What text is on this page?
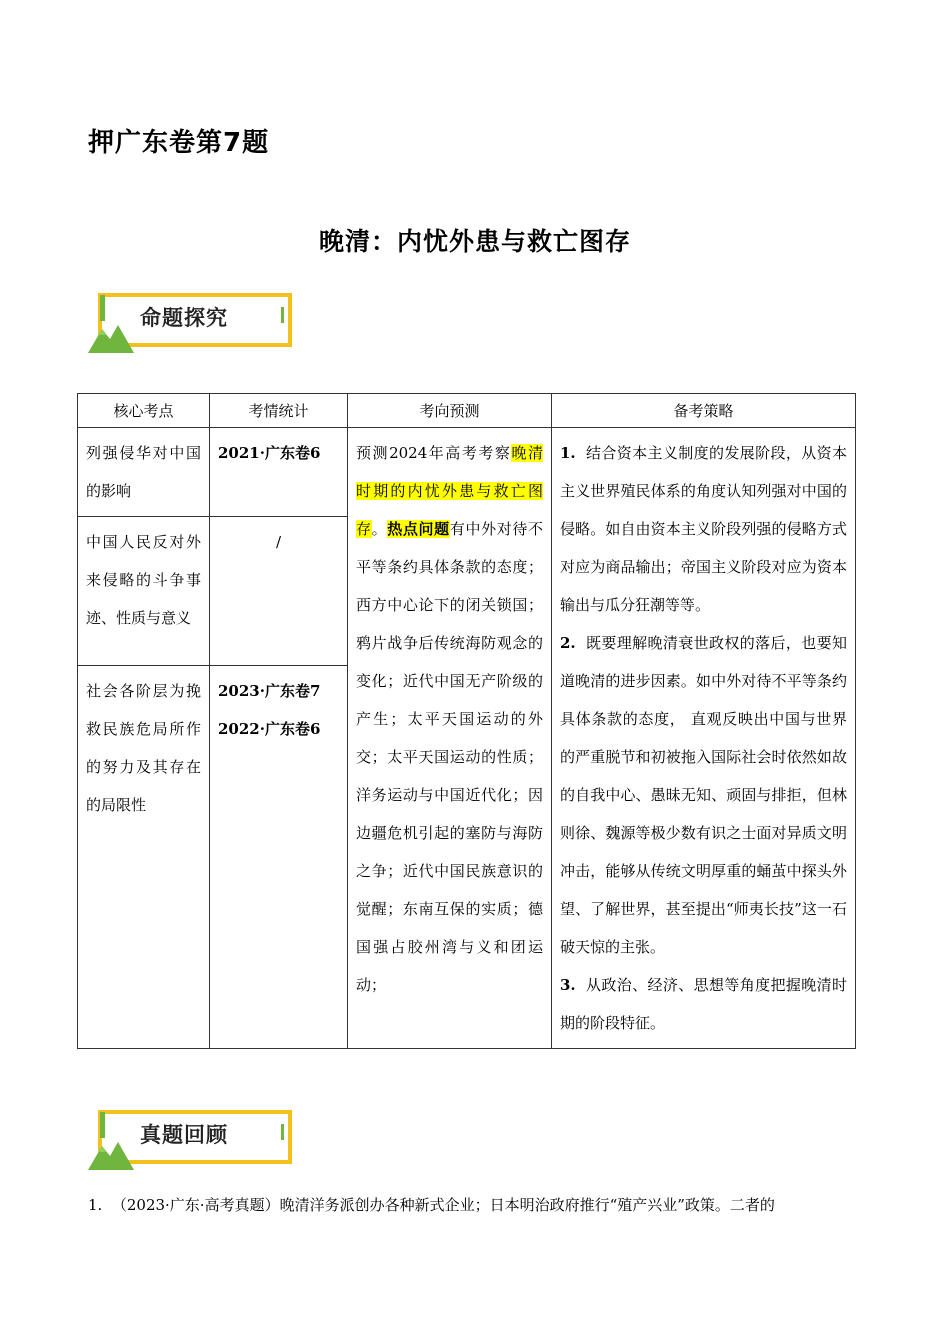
押广东卷第7题
晚清：内忧外患与救亡图存
命题探究
核心考点	考情统计	考向预测	备考策略
列强侵华对中国的影响	2021·广东卷6	预测2024年高考考察晚清时期的内忧外患与救亡图存。热点问题有中外对待不平等条约具体条款的态度；西方中心论下的闭关锁国；鸦片战争后传统海防观念的变化；近代中国无产阶级的产生；太平天国运动的外交；太平天国运动的性质；洋务运动与中国近代化；因边疆危机引起的塞防与海防之争；近代中国民族意识的觉醒；东南互保的实质；德国强占胶州湾与义和团运动；	1. 结合资本主义制度的发展阶段，从资本主义世界殖民体系的角度认知列强对中国的侵略。如自由资本主义阶段列强的侵略方式对应为商品输出；帝国主义阶段对应为资本输出与瓜分狂潮等等。

2. 既要理解晚清衰世政权的落后，也要知道晚清的进步因素。如中外对待不平等条约具体条款的态度， 直观反映出中国与世界的严重脱节和初被拖入国际社会时依然如故的自我中心、愚昧无知、顽固与排拒，但林则徐、魏源等极少数有识之士面对异质文明冲击，能够从传统文明厚重的蛹茧中探头外望、了解世界，甚至提出“师夷长技”这一石破天惊的主张。

3. 从政治、经济、思想等角度把握晚清时期的阶段特征。

中国人民反对外来侵略的斗争事迹、性质与意义	/		
社会各阶层为挽救民族危局所作的努力及其存在的局限性	2023·广东卷7
2022·广东卷6		
真题回顾
1. （2023·广东·高考真题）晚清洋务派创办各种新式企业；日本明治政府推行“殖产兴业”政策。二者的
